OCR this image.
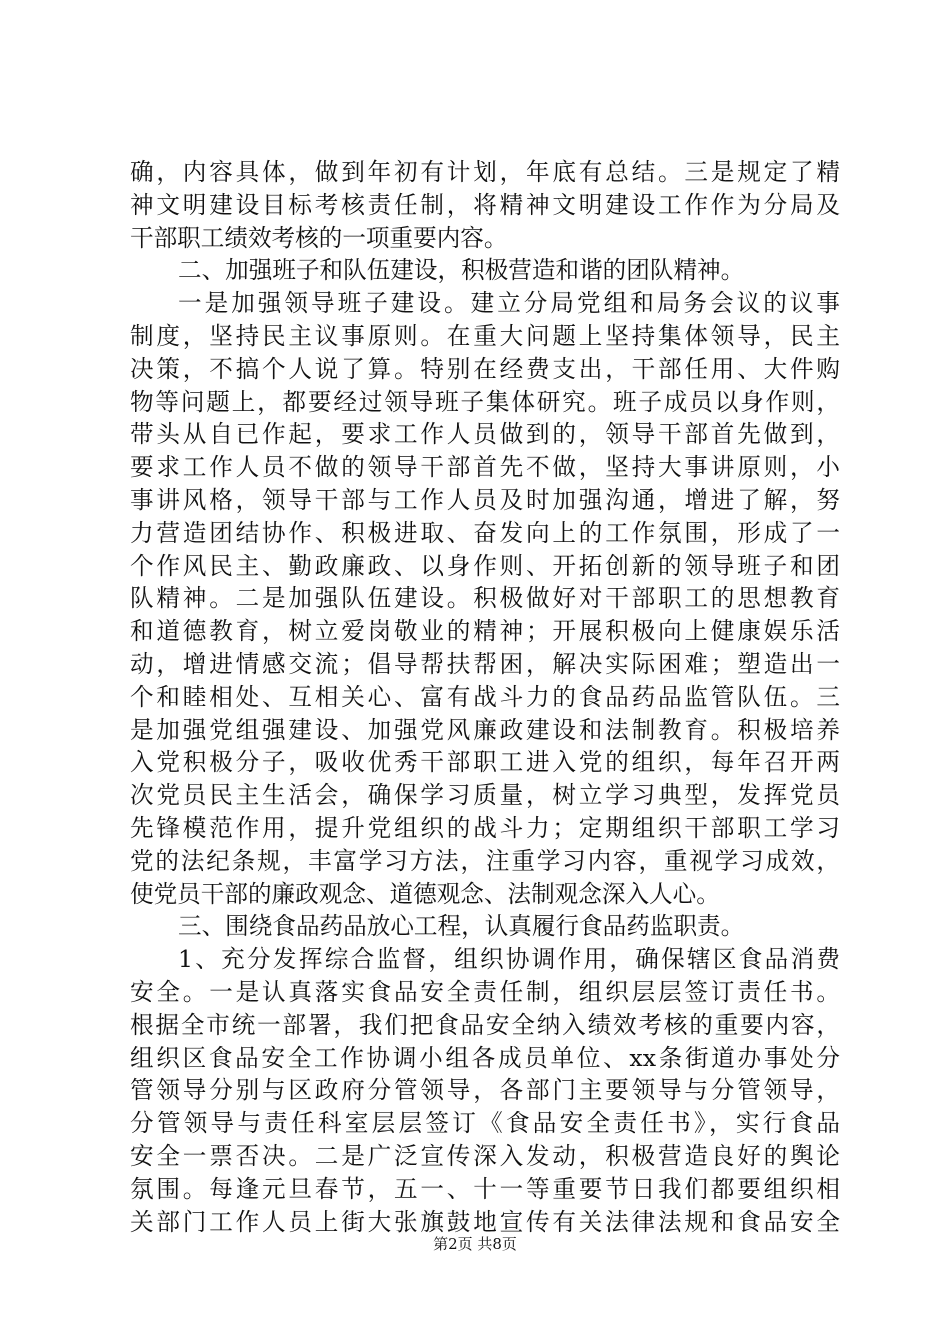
确，内容具体，做到年初有计划，年底有总结。三是规定了精
神文明建设目标考核责任制，将精神文明建设工作作为分局及
干部职工绩效考核的一项重要内容。
二、加强班子和队伍建设，积极营造和谐的团队精神。
一是加强领导班子建设。建立分局党组和局务会议的议事
制度，坚持民主议事原则。在重大问题上坚持集体领导，民主
决策，不搞个人说了算。特别在经费支出，干部任用、大件购
物等问题上，都要经过领导班子集体研究。班子成员以身作则，
带头从自已作起，要求工作人员做到的，领导干部首先做到，
要求工作人员不做的领导干部首先不做，坚持大事讲原则，小
事讲风格，领导干部与工作人员及时加强沟通，增进了解，努
力营造团结协作、积极进取、奋发向上的工作氛围，形成了一
个作风民主、勤政廉政、以身作则、开拓创新的领导班子和团
队精神。二是加强队伍建设。积极做好对干部职工的思想教育
和道德教育，树立爱岗敬业的精神；开展积极向上健康娱乐活
动，增进情感交流；倡导帮扶帮困，解决实际困难；塑造出一
个和睦相处、互相关心、富有战斗力的食品药品监管队伍。三
是加强党组强建设、加强党风廉政建设和法制教育。积极培养
入党积极分子，吸收优秀干部职工进入党的组织，每年召开两
次党员民主生活会，确保学习质量，树立学习典型，发挥党员
先锋模范作用，提升党组织的战斗力；定期组织干部职工学习
党的法纪条规，丰富学习方法，注重学习内容，重视学习成效，
使党员干部的廉政观念、道德观念、法制观念深入人心。
三、围绕食品药品放心工程，认真履行食品药监职责。
1、充分发挥综合监督，组织协调作用，确保辖区食品消费
安全。一是认真落实食品安全责任制，组织层层签订责任书。
根据全市统一部署，我们把食品安全纳入绩效考核的重要内容，
组织区食品安全工作协调小组各成员单位、xx条街道办事处分
管领导分别与区政府分管领导，各部门主要领导与分管领导，
分管领导与责任科室层层签订《食品安全责任书》，实行食品
安全一票否决。二是广泛宣传深入发动，积极营造良好的舆论
氛围。每逢元旦春节，五一、十一等重要节日我们都要组织相
关部门工作人员上街大张旗鼓地宣传有关法律法规和食品安全
第2页 共8页
